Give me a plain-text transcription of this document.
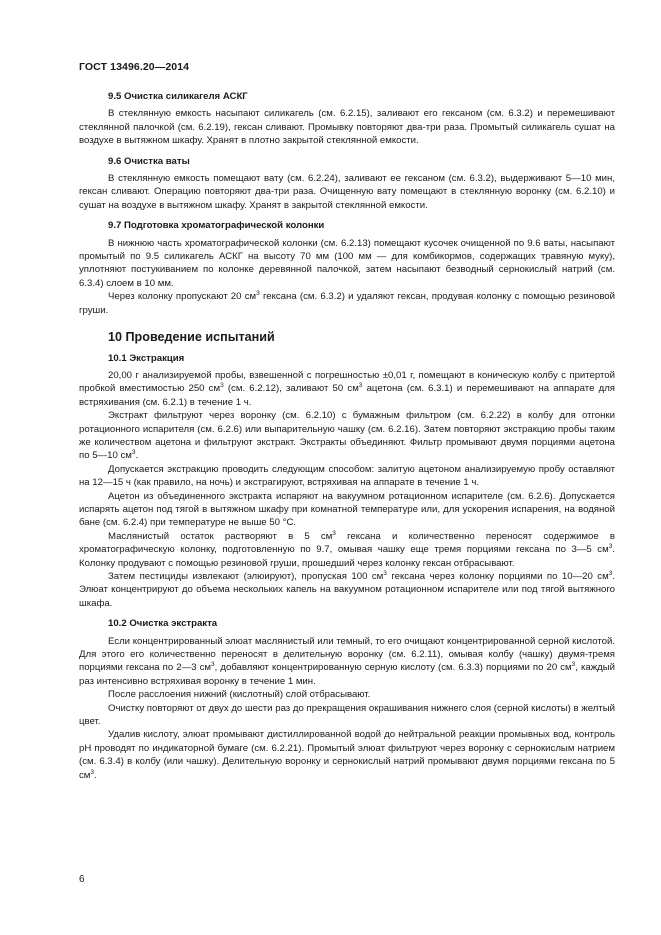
ГОСТ 13496.20—2014
9.5 Очистка силикагеля АСКГ

В стеклянную емкость насыпают силикагель (см. 6.2.15), заливают его гексаном (см. 6.3.2) и перемешивают стеклянной палочкой (см. 6.2.19), гексан сливают. Промывку повторяют два-три раза. Промытый силикагель сушат на воздухе в вытяжном шкафу. Хранят в плотно закрытой стеклянной емкости.

9.6 Очистка ваты

В стеклянную емкость помещают вату (см. 6.2.24), заливают ее гексаном (см. 6.3.2), выдерживают 5—10 мин, гексан сливают. Операцию повторяют два-три раза. Очищенную вату помещают в стеклянную воронку (см. 6.2.10) и сушат на воздухе в вытяжном шкафу. Хранят в закрытой стеклянной емкости.

9.7 Подготовка хроматографической колонки

В нижнюю часть хроматографической колонки (см. 6.2.13) помещают кусочек очищенной по 9.6 ваты, насыпают промытый по 9.5 силикагель АСКГ на высоту 70 мм (100 мм — для комбикормов, содержащих травяную муку), уплотняют постукиванием по колонке деревянной палочкой, затем насыпают безводный сернокислый натрий (см. 6.3.4) слоем в 10 мм.

Через колонку пропускают 20 $см^3$ гексана (см. 6.3.2) и удаляют гексан, продувая колонку с помощью резиновой груши.

10 Проведение испытаний
10.1 Экстракция

20,00 г анализируемой пробы, взвешенной с погрешностью ±0,01 г, помещают в коническую колбу с притертой пробкой вместимостью 250 $см^3$ (см. 6.2.12), заливают 50 $см^3$ ацетона (см. 6.3.1) и перемешивают на аппарате для встряхивания (см. 6.2.1) в течение 1 ч.

Экстракт фильтруют через воронку (см. 6.2.10) с бумажным фильтром (см. 6.2.22) в колбу для отгонки ротационного испарителя (см. 6.2.6) или выпарительную чашку (см. 6.2.16). Затем повторяют экстракцию пробы таким же количеством ацетона и фильтруют экстракт. Экстракты объединяют. Фильтр промывают двумя порциями ацетона по 5—10 $см^3$.

Допускается экстракцию проводить следующим способом: залитую ацетоном анализируемую пробу оставляют на 12—15 ч (как правило, на ночь) и экстрагируют, встряхивая на аппарате в течение 1 ч.

Ацетон из объединенного экстракта испаряют на вакуумном ротационном испарителе (см. 6.2.6). Допускается испарять ацетон под тягой в вытяжном шкафу при комнатной температуре или, для ускорения испарения, на водяной бане (см. 6.2.4) при температуре не выше 50 °С.

Маслянистый остаток растворяют в 5 $см^3$ гексана и количественно переносят содержимое в хроматографическую колонку, подготовленную по 9.7, омывая чашку еще тремя порциями гексана по 3—5 $см^3$. Колонку продувают с помощью резиновой груши, прошедший через колонку гексан отбрасывают.

Затем пестициды извлекают (элюируют), пропуская 100 $см^3$ гексана через колонку порциями по 10—20 $см^3$. Элюат концентрируют до объема нескольких капель на вакуумном ротационном испарителе или под тягой вытяжного шкафа.

10.2 Очистка экстракта

Если концентрированный элюат маслянистый или темный, то его очищают концентрированной серной кислотой. Для этого его количественно переносят в делительную воронку (см. 6.2.11), омывая колбу (чашку) двумя-тремя порциями гексана по 2—3 $см^3$, добавляют концентрированную серную кислоту (см. 6.3.3) порциями по 20 $см^3$, каждый раз интенсивно встряхивая воронку в течение 1 мин.

После расслоения нижний (кислотный) слой отбрасывают.

Очистку повторяют от двух до шести раз до прекращения окрашивания нижнего слоя (серной кислоты) в желтый цвет.

Удалив кислоту, элюат промывают дистиллированной водой до нейтральной реакции промывных вод, контроль pH проводят по индикаторной бумаге (см. 6.2.21). Промытый элюат фильтруют через воронку с сернокислым натрием (см. 6.3.4) в колбу (или чашку). Делительную воронку и сернокислый натрий промывают двумя порциями гексана по 5 $см^3$.

6
